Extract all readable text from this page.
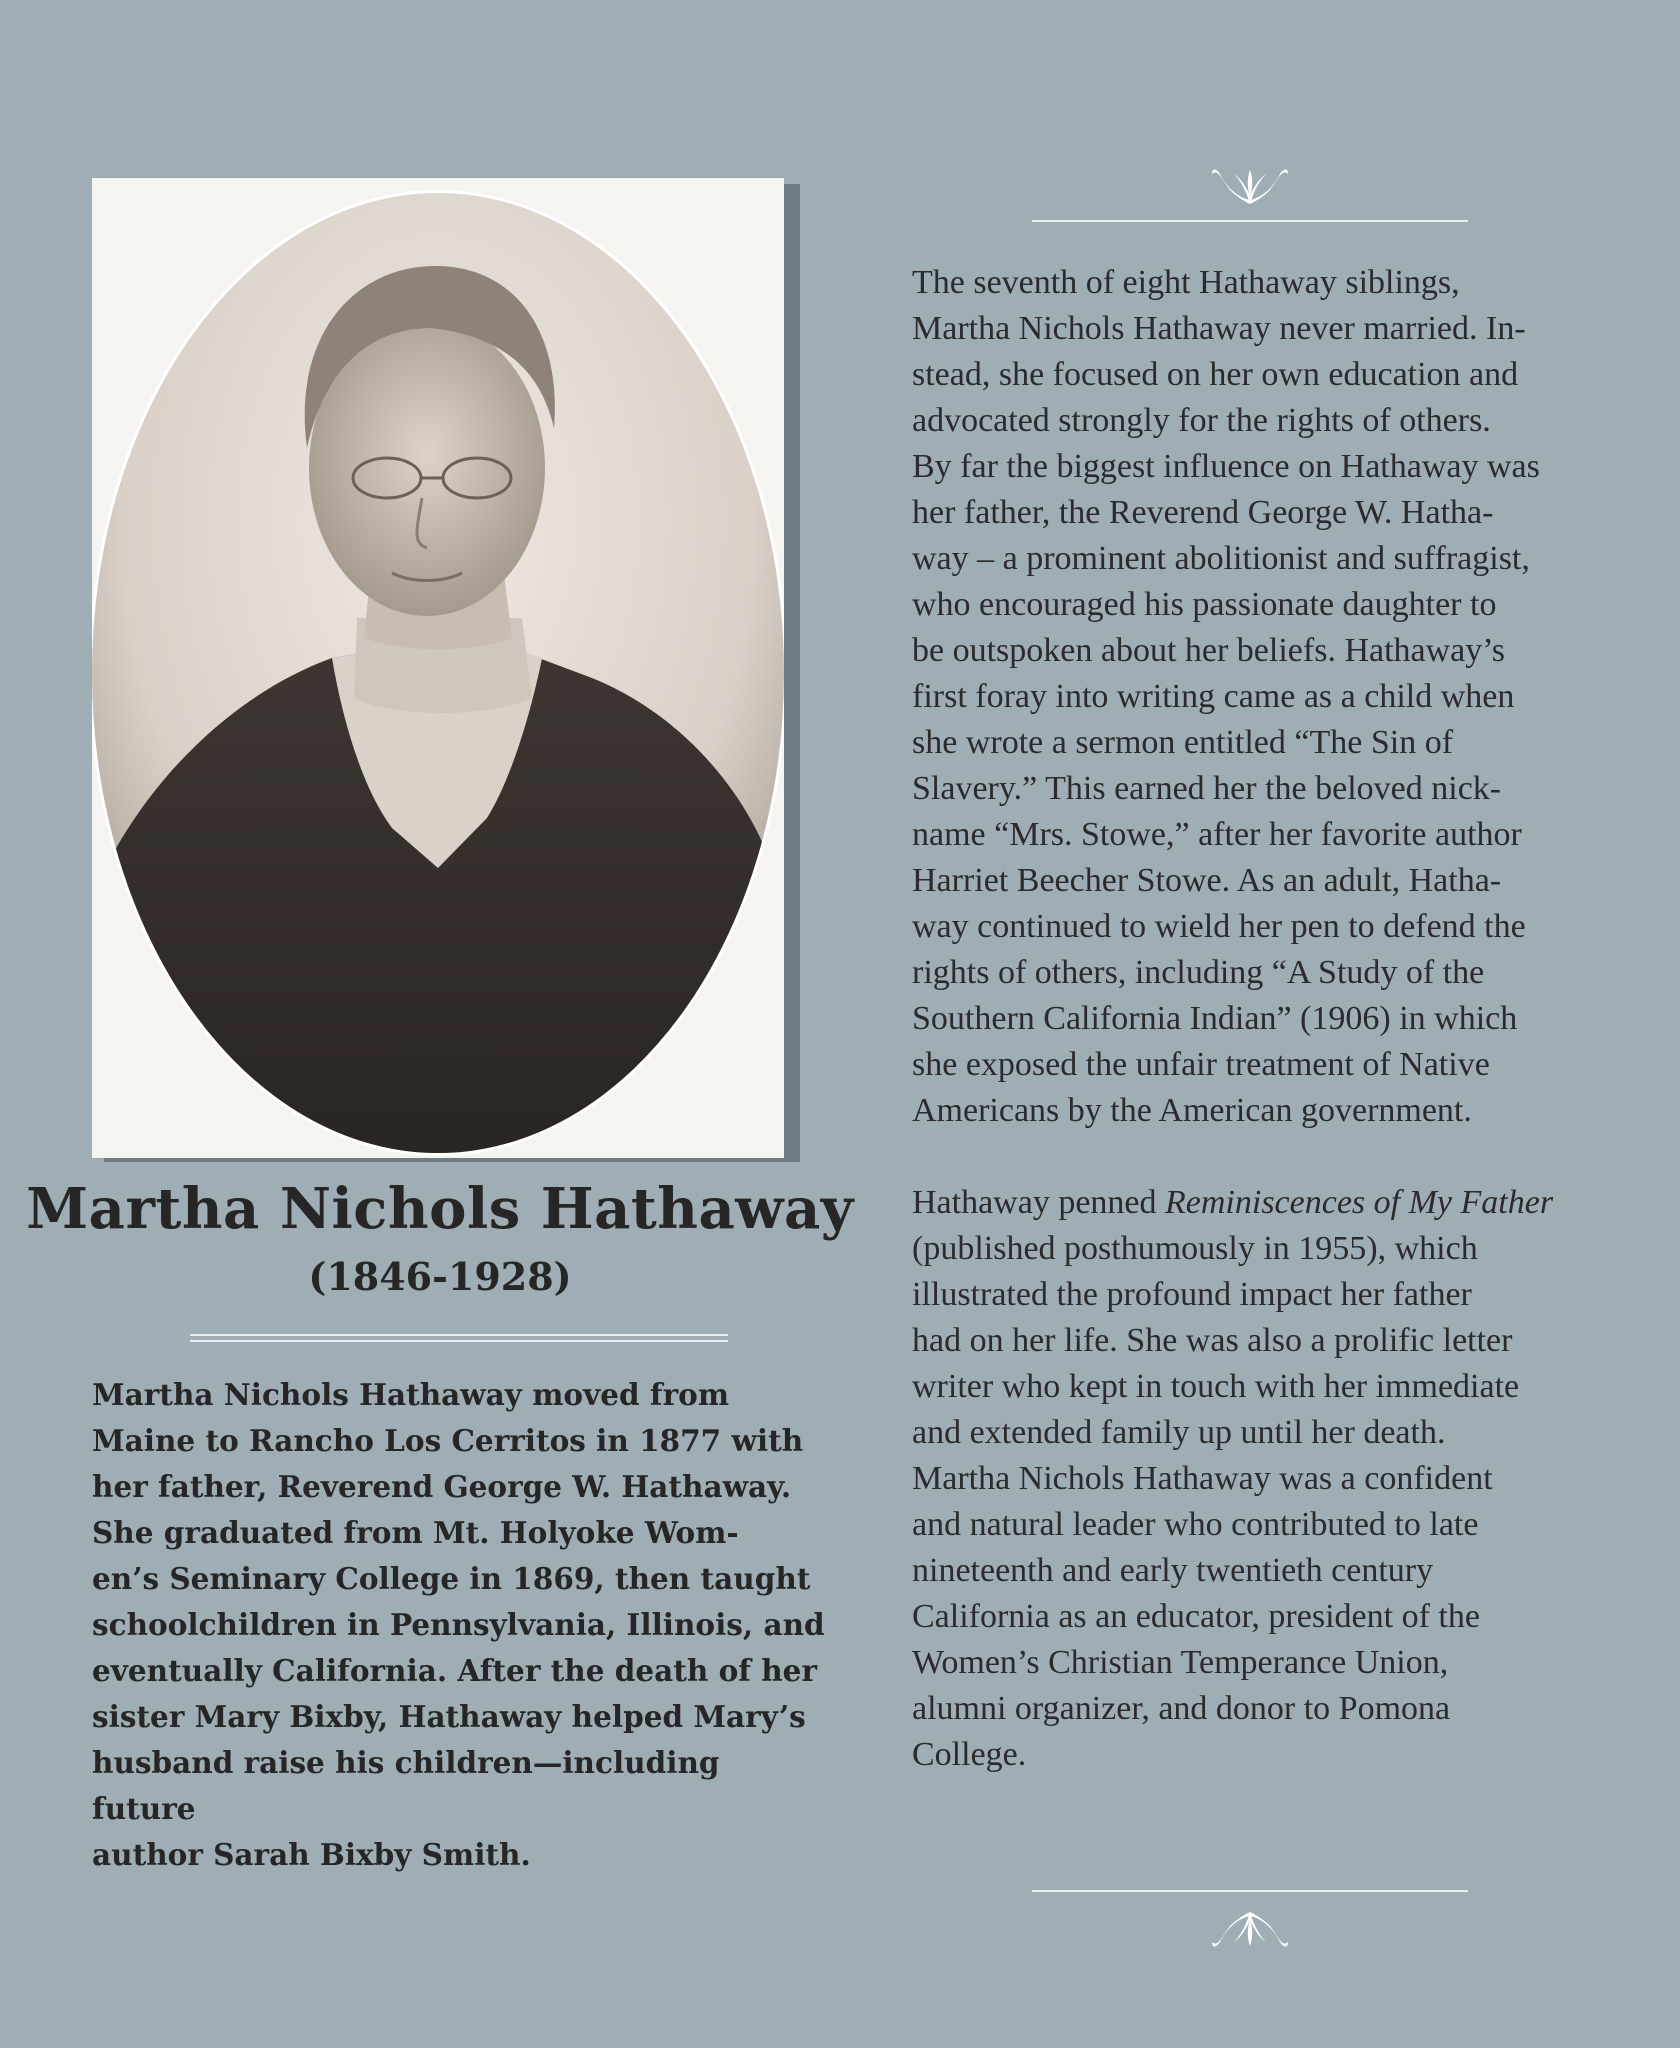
Martha Nichols Hathaway
(1846-1928)
Martha Nichols Hathaway moved from
Maine to Rancho Los Cerritos in 1877 with
her father, Reverend George W. Hathaway.
She graduated from Mt. Holyoke Wom-
en’s Seminary College in 1869, then taught
schoolchildren in Pennsylvania, Illinois, and
eventually California. After the death of her
sister Mary Bixby, Hathaway helped Mary’s
husband raise his children—including future
author Sarah Bixby Smith.
The seventh of eight Hathaway siblings,
Martha Nichols Hathaway never married. In-
stead, she focused on her own education and
advocated strongly for the rights of others.
By far the biggest influence on Hathaway was
her father, the Reverend George W. Hatha-
way – a prominent abolitionist and suffragist,
who encouraged his passionate daughter to
be outspoken about her beliefs. Hathaway’s
first foray into writing came as a child when
she wrote a sermon entitled “The Sin of
Slavery.” This earned her the beloved nick-
name “Mrs. Stowe,” after her favorite author
Harriet Beecher Stowe. As an adult, Hatha-
way continued to wield her pen to defend the
rights of others, including “A Study of the
Southern California Indian” (1906) in which
she exposed the unfair treatment of Native
Americans by the American government.
Hathaway penned Reminiscences of My Father
(published posthumously in 1955), which
illustrated the profound impact her father
had on her life. She was also a prolific letter
writer who kept in touch with her immediate
and extended family up until her death.
Martha Nichols Hathaway was a confident
and natural leader who contributed to late
nineteenth and early twentieth century
California as an educator, president of the
Women’s Christian Temperance Union,
alumni organizer, and donor to Pomona
College.
